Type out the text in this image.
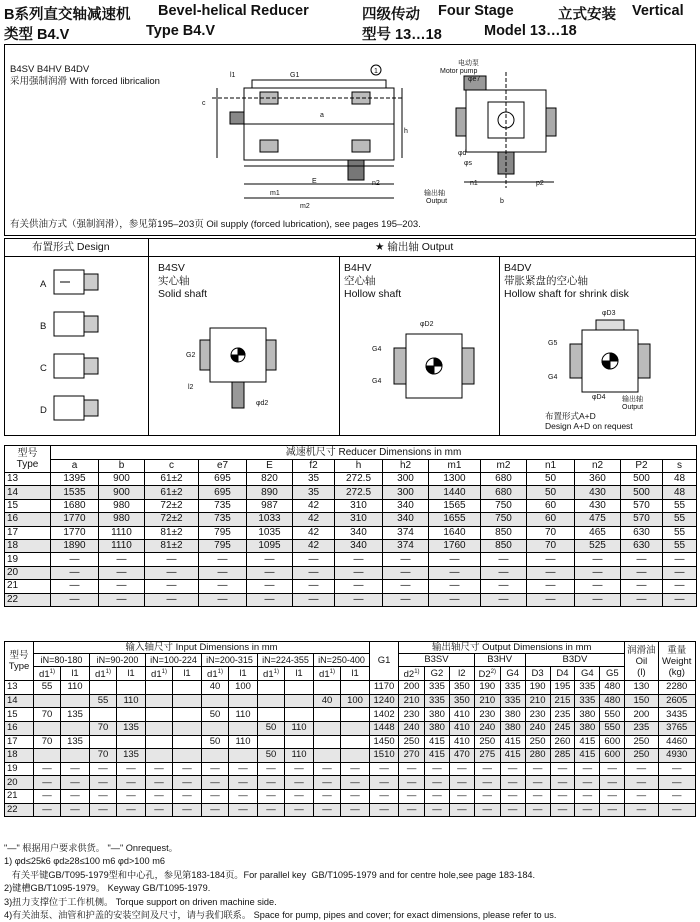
B系列直交轴减速机 Bevel-helical Reducer	四级传动 Four Stage	立式安装 Vertical
类型 B4.V	Type B4.V	型号 13…18	Model 13…18
B4SV B4HV B4DV
采用强制润滑 With forced libricalion
1
G1
l1
c
a
h
E	n2
m1
m2
电动泵
Motor pump
φe7
φd
φs
n1	p2
b
输出轴
Output
有关供油方式（强制润滑），参见第195–203页 Oil supply (forced lubrication), see pages 195–203.
布置形式 Design	★ 输出轴 Output
A
B
C
D
B4SV
实心轴
Solid shaft
G2
l2
φd2
B4HV
空心轴
Hollow shaft
φD2
G4
G4
B4DV
带胀紧盘的空心轴
Hollow shaft for shrink disk
φD3
G5
G4
φD4 输出轴
Output
布置形式A+D
Design A+D on request
型号
Type	减速机尺寸 Reducer Dimensions in mm													
	a	b	c	e7	E	f2	h	h2	m1	m2	n1	n2	P2	s
13	1395	900	61±2	695	820	35	272.5	300	1300	680	50	360	500	48
14	1535	900	61±2	695	890	35	272.5	300	1440	680	50	430	500	48
15	1680	980	72±2	735	987	42	310	340	1565	750	60	430	570	55
16	1770	980	72±2	735	1033	42	310	340	1655	750	60	475	570	55
17	1770	1110	81±2	795	1035	42	340	374	1640	850	70	465	630	55
18	1890	1110	81±2	795	1095	42	340	374	1760	850	70	525	630	55
19	—	—	—	—	—	—	—	—	—	—	—	—	—	—
20	—	—	—	—	—	—	—	—	—	—	—	—	—	—
21	—	—	—	—	—	—	—	—	—	—	—	—	—	—
22	—	—	—	—	—	—	—	—	—	—	—	—	—	—
型号
Type	输入轴尺寸 Input Dimensions in mm												G1	输出轴尺寸 Output Dimensions in mm									润滑油
Oil
(l)	重量
Weight
(kg)
	iN=80-180		iN=90-200		iN=100-224		iN=200-315		iN=224-355		iN=250-400			B3SV			B3HV		B3DV					

	d1$^{1)}$	l1	d1$^{1)}$	l1	d1$^{1)}$	l1	d1$^{1)}$	l1	d1$^{1)}$	l1	d1$^{1)}$	l1		d2$^{1)}$	G2	l2	D2$^{2)}$	G4	D3	D4	G4	G5		
13	55	110					40	100					1170	200	335	350	190	335	190	195	335	480	130	2280
14			55	110							40	100	1240	210	335	350	210	335	210	215	335	480	150	2605
15	70	135					50	110					1402	230	380	410	230	380	230	235	380	550	200	3435
16			70	135					50	110			1448	240	380	410	240	380	240	245	380	550	235	3765
17	70	135					50	110					1450	250	415	410	250	415	250	260	415	600	250	4460
18			70	135					50	110			1510	270	415	470	275	415	280	285	415	600	250	4930
19	—	—	—	—	—	—	—	—	—	—	—	—	—	—	—	—	—	—	—	—	—	—	—	—
20	—	—	—	—	—	—	—	—	—	—	—	—	—	—	—	—	—	—	—	—	—	—	—	—
21	—	—	—	—	—	—	—	—	—	—	—	—	—	—	—	—	—	—	—	—	—	—	—	—
22	—	—	—	—	—	—	—	—	—	—	—	—	—	—	—	—	—	—	—	—	—	—	—	—
"—" 根据用户要求供货。 "—" Onrequest。
1) φd≤25k6 φd≥28≤100 m6 φd>100 m6
有关平键GB/T095-1979型和中心孔，参见第183-184页。For parallel key  GB/T1095-1979 and for centre hole,see page 183-184.
2)键槽GB/T1095-1979。 Keyway GB/T1095-1979.
3)扭力支撑位于工作机侧。 Torque support on driven machine side.
4)有关油泵、油管和护盖的安装空间及尺寸，请与我们联系。 Space for pump, pipes and cover; for exact dimensions, please refer to us.
